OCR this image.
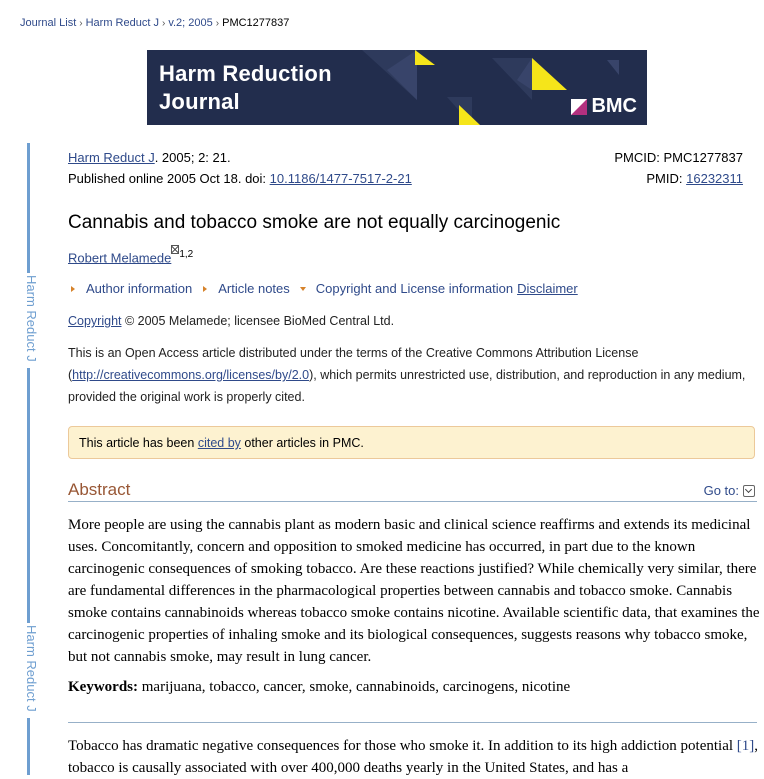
Journal List › Harm Reduct J › v.2; 2005 › PMC1277837
Harm Reduction
Journal	BMC
Harm Reduct J
Harm Reduct J
Harm Reduct J. 2005; 2: 21.
Published online 2005 Oct 18. doi: 10.1186/1477-7517-2-21
PMCID: PMC1277837
PMID: 16232311
Cannabis and tobacco smoke are not equally carcinogenic
Robert Melamede $^{1,2}$
Author information Article notes Copyright and License information Disclaimer
Copyright © 2005 Melamede; licensee BioMed Central Ltd.
This is an Open Access article distributed under the terms of the Creative Commons Attribution License (http://creativecommons.org/licenses/by/2.0), which permits unrestricted use, distribution, and reproduction in any medium, provided the original work is properly cited.
This article has been cited by other articles in PMC.
Abstract	Go to:

More people are using the cannabis plant as modern basic and clinical science reaffirms and extends its medicinal uses. Concomitantly, concern and opposition to smoked medicine has occurred, in part due to the known carcinogenic consequences of smoking tobacco. Are these reactions justified? While chemically very similar, there are fundamental differences in the pharmacological properties between cannabis and tobacco smoke. Cannabis smoke contains cannabinoids whereas tobacco smoke contains nicotine. Available scientific data, that examines the carcinogenic properties of inhaling smoke and its biological consequences, suggests reasons why tobacco smoke, but not cannabis smoke, may result in lung cancer.

Keywords: marijuana, tobacco, cancer, smoke, cannabinoids, carcinogens, nicotine

Tobacco has dramatic negative consequences for those who smoke it. In addition to its high addiction potential [1], tobacco is causally associated with over 400,000 deaths yearly in the United States, and has a
